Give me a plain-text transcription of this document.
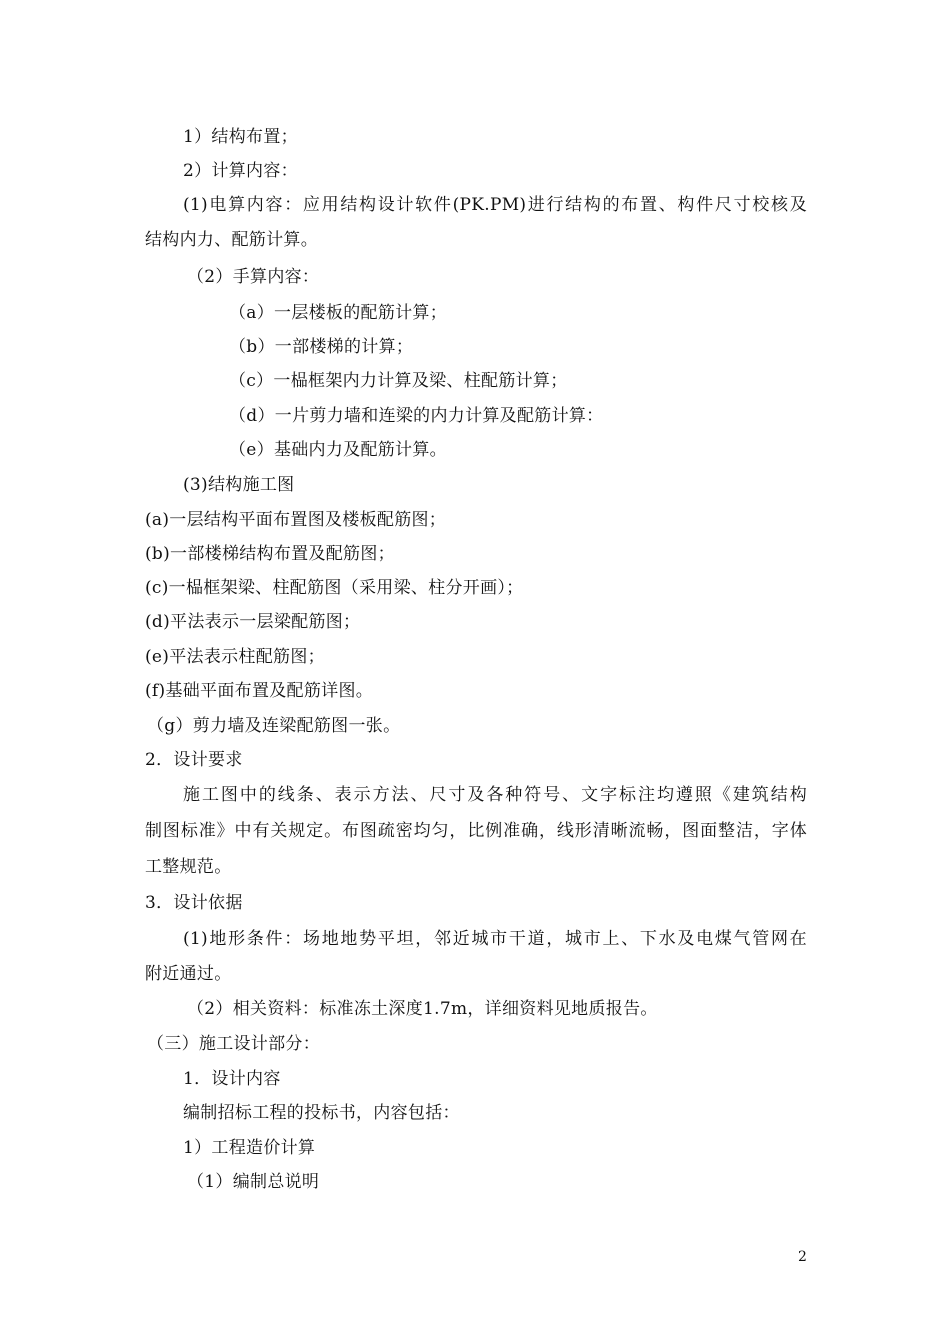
1）结构布置；
2）计算内容：
(1)电算内容：应用结构设计软件(PK.PM)进行结构的布置、构件尺寸校核及
结构内力、配筋计算。
（2）手算内容：
（a）一层楼板的配筋计算；
（b）一部楼梯的计算；
（c）一榀框架内力计算及梁、柱配筋计算；
（d）一片剪力墙和连梁的内力计算及配筋计算：
（e）基础内力及配筋计算。
(3)结构施工图
(a)一层结构平面布置图及楼板配筋图；
(b)一部楼梯结构布置及配筋图；
(c)一榀框架梁、柱配筋图（采用梁、柱分开画）；
(d)平法表示一层梁配筋图；
(e)平法表示柱配筋图；
(f)基础平面布置及配筋详图。
（g）剪力墙及连梁配筋图一张。
2．设计要求
施工图中的线条、表示方法、尺寸及各种符号、文字标注均遵照《建筑结构
制图标准》中有关规定。布图疏密均匀，比例准确，线形清晰流畅，图面整洁，字体
工整规范。
3．设计依据
(1)地形条件：场地地势平坦，邻近城市干道，城市上、下水及电煤气管网在
附近通过。
（2）相关资料：标准冻土深度1.7m，详细资料见地质报告。
（三）施工设计部分：
1．设计内容
编制招标工程的投标书，内容包括：
1）工程造价计算
（1）编制总说明
2
